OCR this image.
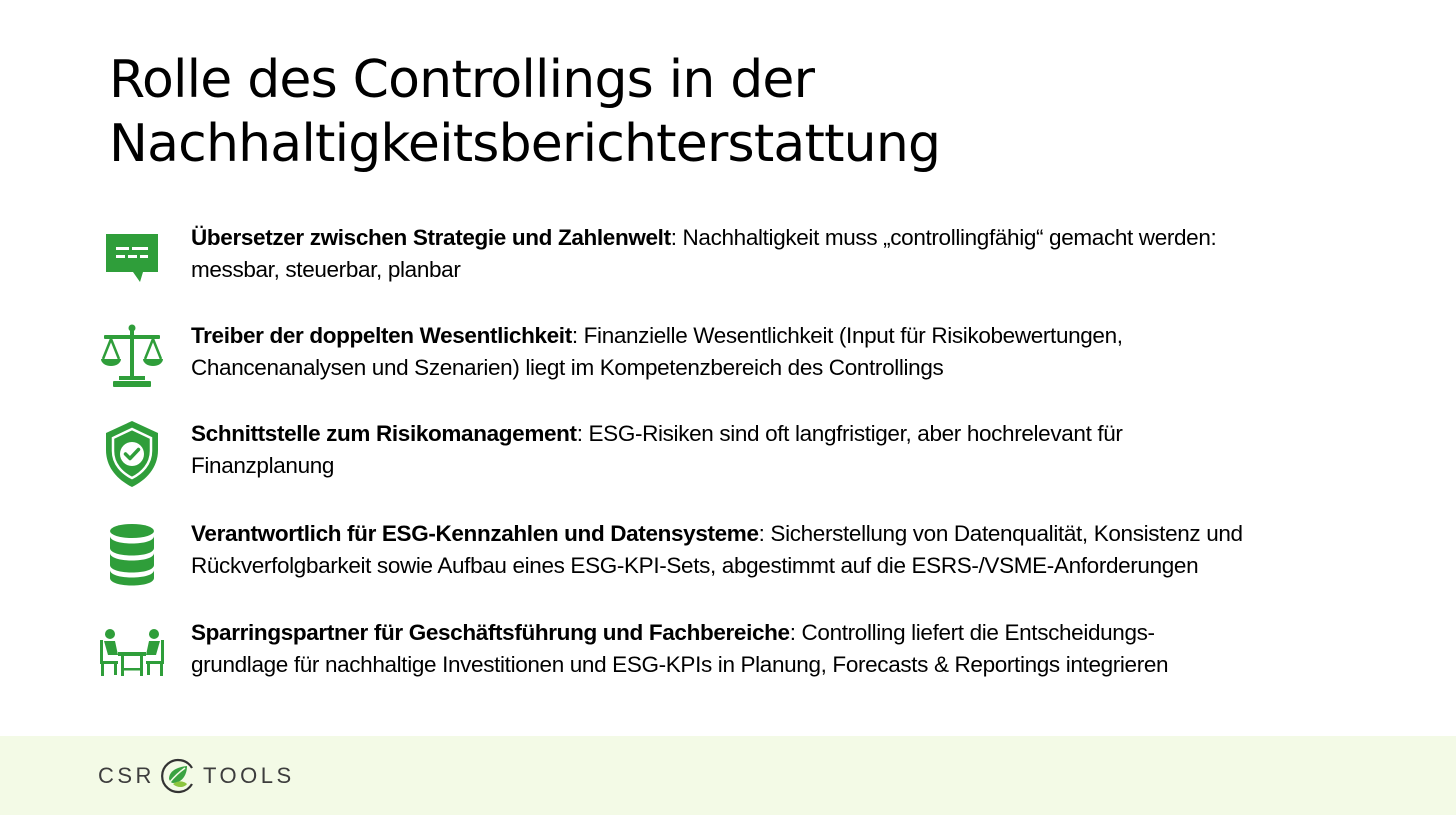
Rolle des Controllings in der
Nachhaltigkeitsberichterstattung
Übersetzer zwischen Strategie und Zahlenwelt: Nachhaltigkeit muss „controllingfähig“ gemacht werden:
messbar, steuerbar, planbar
Treiber der doppelten Wesentlichkeit: Finanzielle Wesentlichkeit (Input für Risikobewertungen,
Chancenanalysen und Szenarien) liegt im Kompetenzbereich des Controllings
Schnittstelle zum Risikomanagement: ESG-Risiken sind oft langfristiger, aber hochrelevant für
Finanzplanung
Verantwortlich für ESG-Kennzahlen und Datensysteme: Sicherstellung von Datenqualität, Konsistenz und
Rückverfolgbarkeit sowie Aufbau eines ESG-KPI-Sets, abgestimmt auf die ESRS-/VSME-Anforderungen
Sparringspartner für Geschäftsführung und Fachbereiche: Controlling liefert die Entscheidungs-
grundlage für nachhaltige Investitionen und ESG-KPIs in Planung, Forecasts & Reportings integrieren
CSR TOOLS
